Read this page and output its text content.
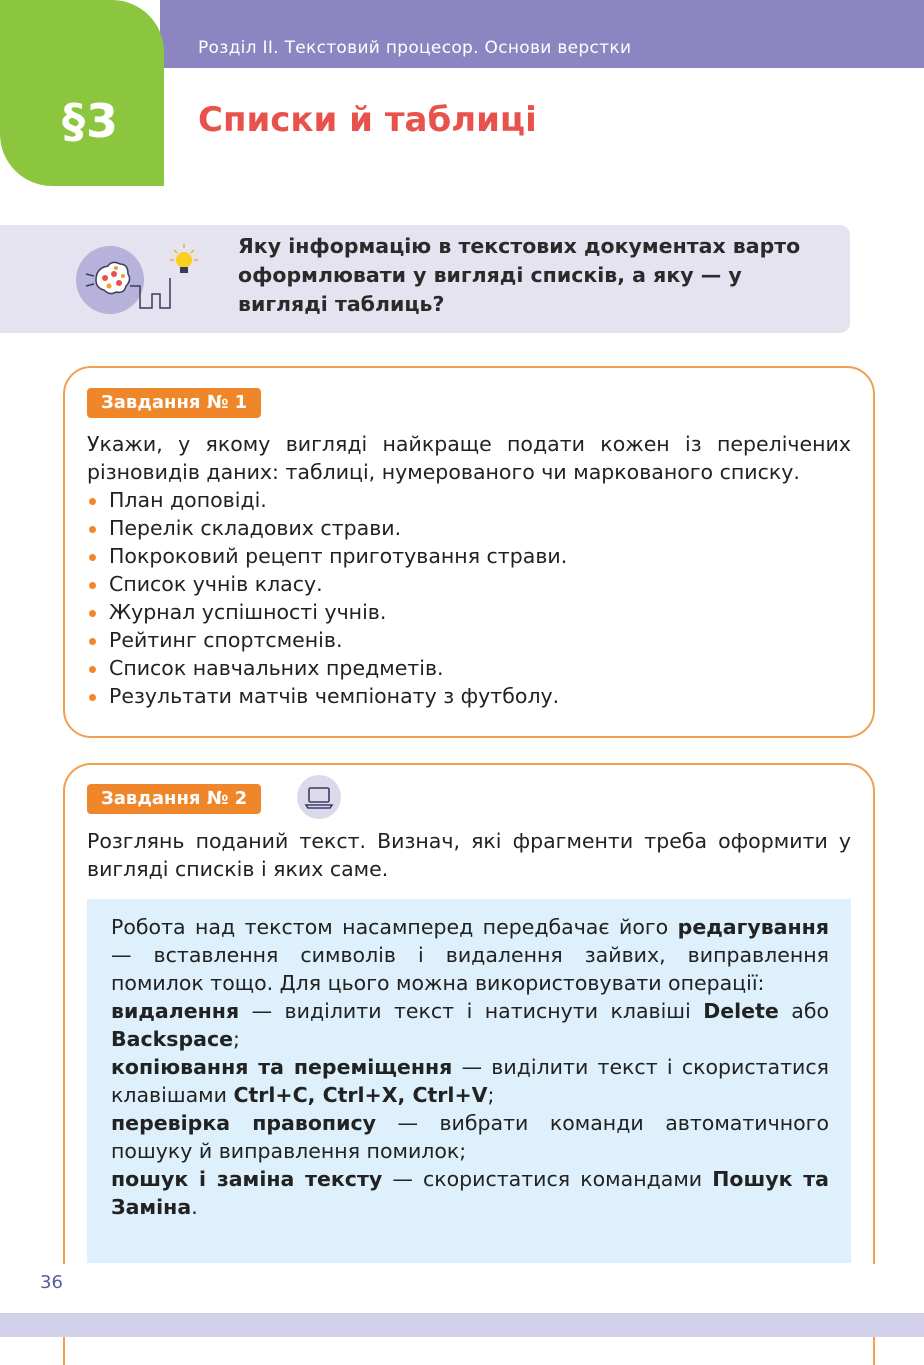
Розділ ІІ. Текстовий процесор. Основи верстки
§3 Списки й таблиці
Яку інформацію в текстових документах варто оформлювати у вигляді списків, а яку — у вигляді таблиць?
Завдання № 1
Укажи, у якому вигляді найкраще подати кожен із перелічених різновидів даних: таблиці, нумерованого чи маркованого списку.
План доповіді.
Перелік складових страви.
Покроковий рецепт приготування страви.
Список учнів класу.
Журнал успішності учнів.
Рейтинг спортсменів.
Список навчальних предметів.
Результати матчів чемпіонату з футболу.
Завдання № 2
Розглянь поданий текст. Визнач, які фрагменти треба оформити у вигляді списків і яких саме.
Робота над текстом насамперед передбачає його редагування — вставлення символів і видалення зайвих, виправлення помилок тощо. Для цього можна використовувати операції:
видалення — виділити текст і натиснути клавіші Delete або Backspace;
копіювання та переміщення — виділити текст і скористатися клавішами Ctrl+C, Ctrl+X, Ctrl+V;
перевірка правопису — вибрати команди автоматичного пошуку й виправлення помилок;
пошук і заміна тексту — скористатися командами Пошук та Заміна.
36
